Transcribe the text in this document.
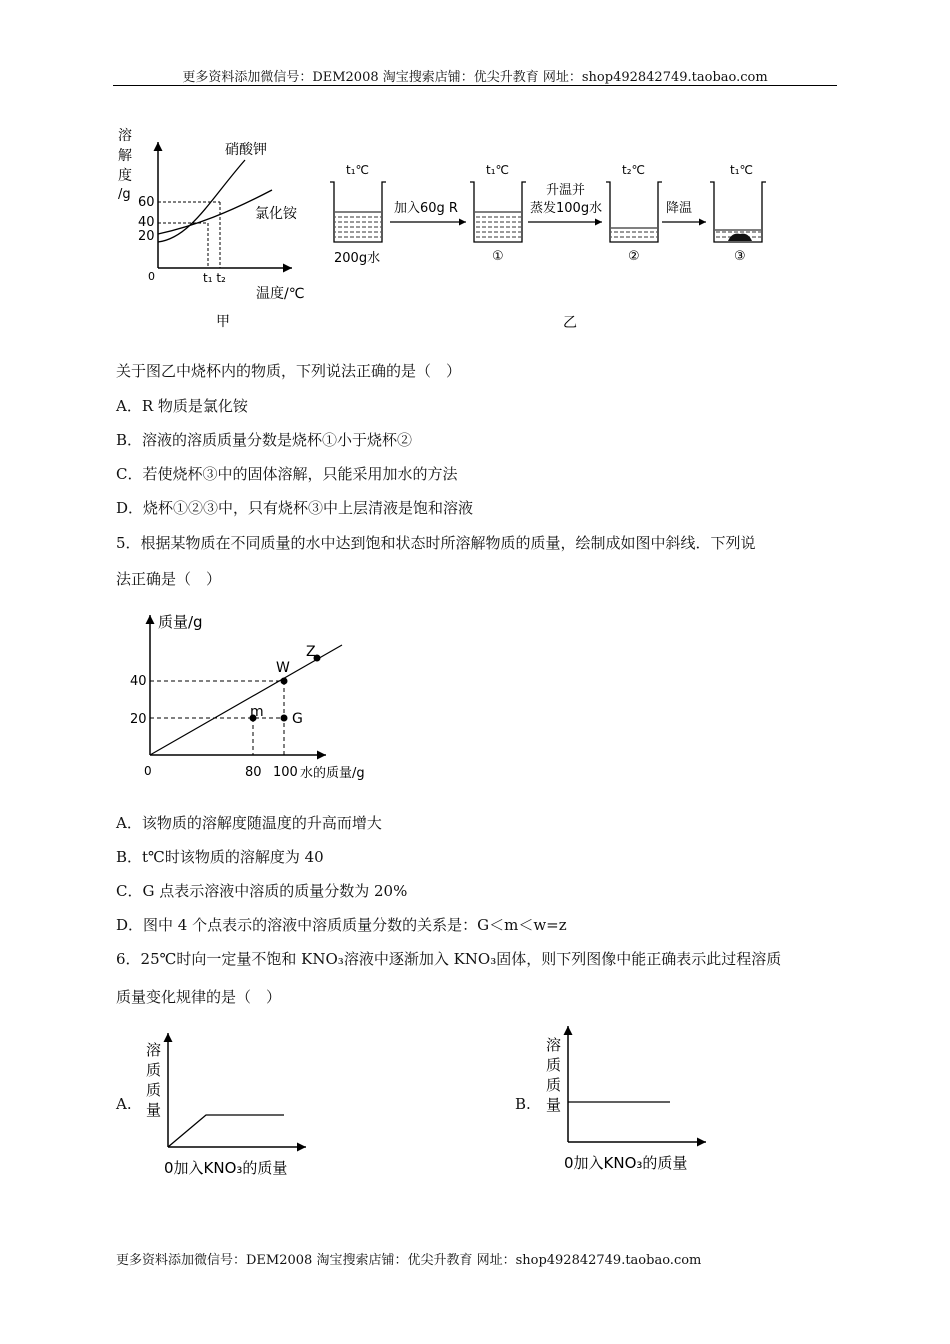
更多资料添加微信号：DEM2008 淘宝搜索店铺：优尖升教育 网址：shop492842749.taobao.com
溶
解
度
/g
60
40
20
0	t₁ t₂
温度/℃
硝酸钾
氯化铵
甲
t₁℃
200g水
加入60g R
t₁℃
①
升温并
蒸发100g水
t₂℃
②
降温
t₁℃
③
乙
关于图乙中烧杯内的物质，下列说法正确的是（　）
A．R 物质是氯化铵
B．溶液的溶质质量分数是烧杯①小于烧杯②
C．若使烧杯③中的固体溶解，只能采用加水的方法
D．烧杯①②③中，只有烧杯③中上层清液是饱和溶液
5．根据某物质在不同质量的水中达到饱和状态时所溶解物质的质量，绘制成如图中斜线．下列说
法正确是（　）
质量/g
水的质量/g
0
40
20
80 100
W
Z
m G
A．该物质的溶解度随温度的升高而增大
B．t℃时该物质的溶解度为 40
C．G 点表示溶液中溶质的质量分数为 20%
D．图中 4 个点表示的溶液中溶质质量分数的关系是：G＜m＜w=z
6．25℃时向一定量不饱和 KNO₃溶液中逐渐加入 KNO₃固体，则下列图像中能正确表示此过程溶质
质量变化规律的是（　）
A.
溶
质
质
量
0加入KNO₃的质量
B.
溶
质
质
量
0加入KNO₃的质量
更多资料添加微信号：DEM2008 淘宝搜索店铺：优尖升教育 网址：shop492842749.taobao.com
